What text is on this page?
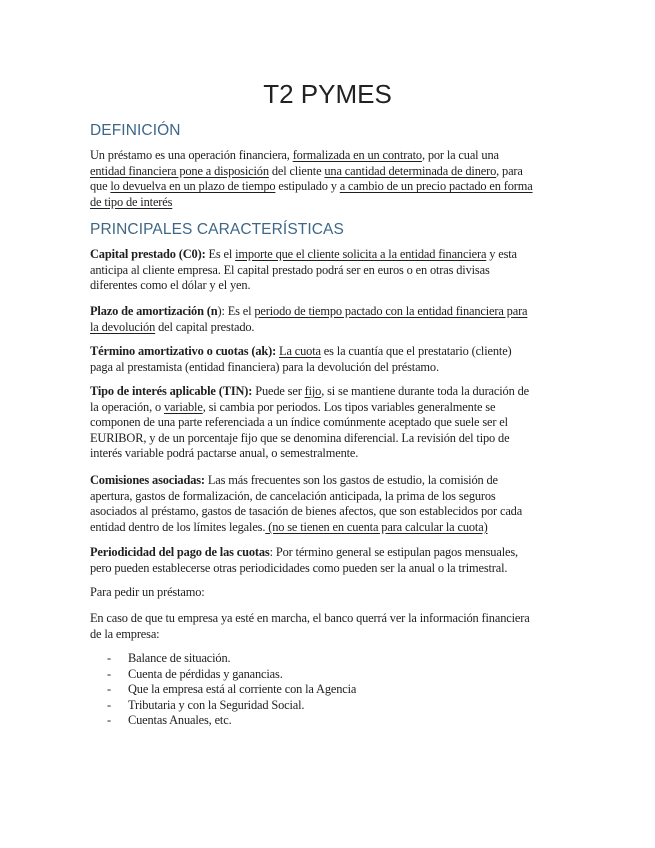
T2 PYMES
DEFINICIÓN
Un préstamo es una operación financiera, formalizada en un contrato, por la cual una
entidad financiera pone a disposición del cliente una cantidad determinada de dinero, para
que lo devuelva en un plazo de tiempo estipulado y a cambio de un precio pactado en forma
de tipo de interés
PRINCIPALES CARACTERÍSTICAS
Capital prestado (C0): Es el importe que el cliente solicita a la entidad financiera y esta
anticipa al cliente empresa. El capital prestado podrá ser en euros o en otras divisas
diferentes como el dólar y el yen.
Plazo de amortización (n): Es el periodo de tiempo pactado con la entidad financiera para
la devolución del capital prestado.
Término amortizativo o cuotas (ak): La cuota es la cuantía que el prestatario (cliente)
paga al prestamista (entidad financiera) para la devolución del préstamo.
Tipo de interés aplicable (TIN): Puede ser fijo, si se mantiene durante toda la duración de
la operación, o variable, si cambia por periodos. Los tipos variables generalmente se
componen de una parte referenciada a un índice comúnmente aceptado que suele ser el
EURIBOR, y de un porcentaje fijo que se denomina diferencial. La revisión del tipo de
interés variable podrá pactarse anual, o semestralmente.
Comisiones asociadas: Las más frecuentes son los gastos de estudio, la comisión de
apertura, gastos de formalización, de cancelación anticipada, la prima de los seguros
asociados al préstamo, gastos de tasación de bienes afectos, que son establecidos por cada
entidad dentro de los límites legales. (no se tienen en cuenta para calcular la cuota)
Periodicidad del pago de las cuotas: Por término general se estipulan pagos mensuales,
pero pueden establecerse otras periodicidades como pueden ser la anual o la trimestral.
Para pedir un préstamo:
En caso de que tu empresa ya esté en marcha, el banco querrá ver la información financiera
de la empresa:
- Balance de situación.
- Cuenta de pérdidas y ganancias.
- Que la empresa está al corriente con la Agencia
- Tributaria y con la Seguridad Social.
- Cuentas Anuales, etc.
